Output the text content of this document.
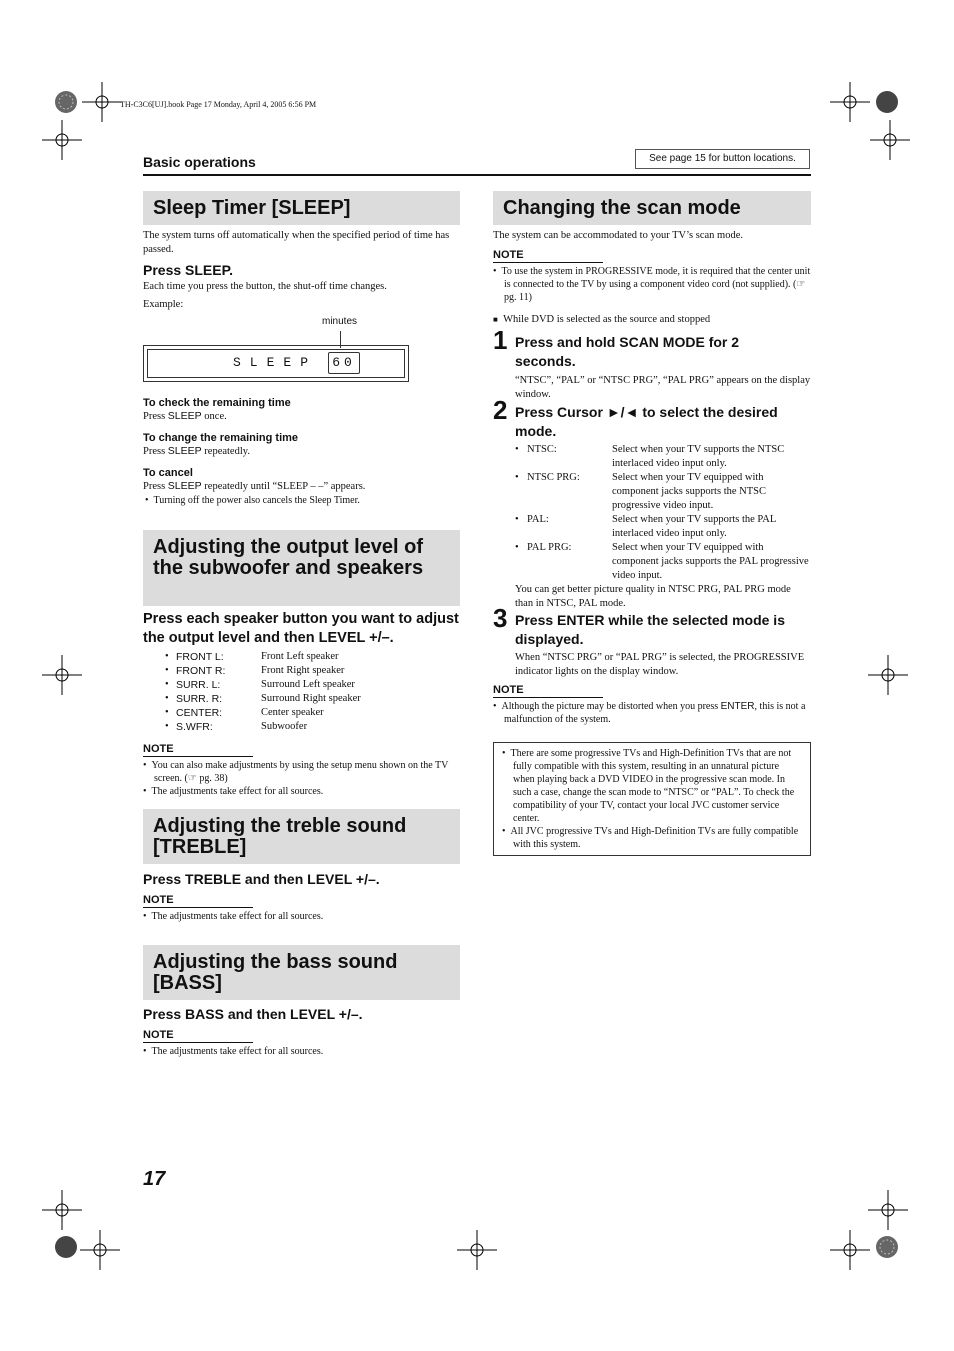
TH-C3C6[UJ].book Page 17 Monday, April 4, 2005 6:56 PM
Basic operations	See page 15 for button locations.
Sleep Timer [SLEEP]

The system turns off automatically when the specified period of time has passed.

Press SLEEP.

Each time you press the button, the shut-off time changes.

Example:

minutes
SLEEP	60

To check the remaining time

Press SLEEP once.

To change the remaining time

Press SLEEP repeatedly.

To cancel

Press SLEEP repeatedly until “SLEEP – –” appears.

•  Turning off the power also cancels the Sleep Timer.

Adjusting the output level of the subwoofer and speakers

Press each speaker button you want to adjust the output level and then LEVEL +/–.

• FRONT L:	Front Left speaker
• FRONT R:	Front Right speaker
• SURR. L:	Surround Left speaker
• SURR. R:	Surround Right speaker
• CENTER:	Center speaker
• S.WFR:	Subwoofer

NOTE

•  You can also make adjustments by using the setup menu shown on the TV screen. (☞ pg. 38)

•  The adjustments take effect for all sources.

Adjusting the treble sound [TREBLE]

Press TREBLE and then LEVEL +/–.

NOTE

•  The adjustments take effect for all sources.

Adjusting the bass sound [BASS]

Press BASS and then LEVEL +/–.

NOTE

•  The adjustments take effect for all sources.

Changing the scan mode

The system can be accommodated to your TV’s scan mode.

NOTE

•  To use the system in PROGRESSIVE mode, it is required that the center unit is connected to the TV by using a component video cord (not supplied). (☞ pg. 11)

■ While DVD is selected as the source and stopped

1 Press and hold SCAN MODE for 2 seconds.

“NTSC”, “PAL” or “NTSC PRG”, “PAL PRG” appears on the display window.

2 Press Cursor ►/◄ to select the desired mode.

• NTSC:	Select when your TV supports the NTSC interlaced video input only.
• NTSC PRG:	Select when your TV equipped with component jacks supports the NTSC progressive video input.
• PAL:	Select when your TV supports the PAL interlaced video input only.
• PAL PRG:	Select when your TV equipped with component jacks supports the PAL progressive video input.

You can get better picture quality in NTSC PRG, PAL PRG mode than in NTSC, PAL mode.

3 Press ENTER while the selected mode is displayed.

When “NTSC PRG” or “PAL PRG” is selected, the PROGRESSIVE indicator lights on the display window.

NOTE

•  Although the picture may be distorted when you press ENTER, this is not a malfunction of the system.

•  There are some progressive TVs and High-Definition TVs that are not fully compatible with this system, resulting in an unnatural picture when playing back a DVD VIDEO in the progressive scan mode. In such a case, change the scan mode to “NTSC” or “PAL”. To check the compatibility of your TV, contact your local JVC customer service center.

•  All JVC progressive TVs and High-Definition TVs are fully compatible with this system.

17
